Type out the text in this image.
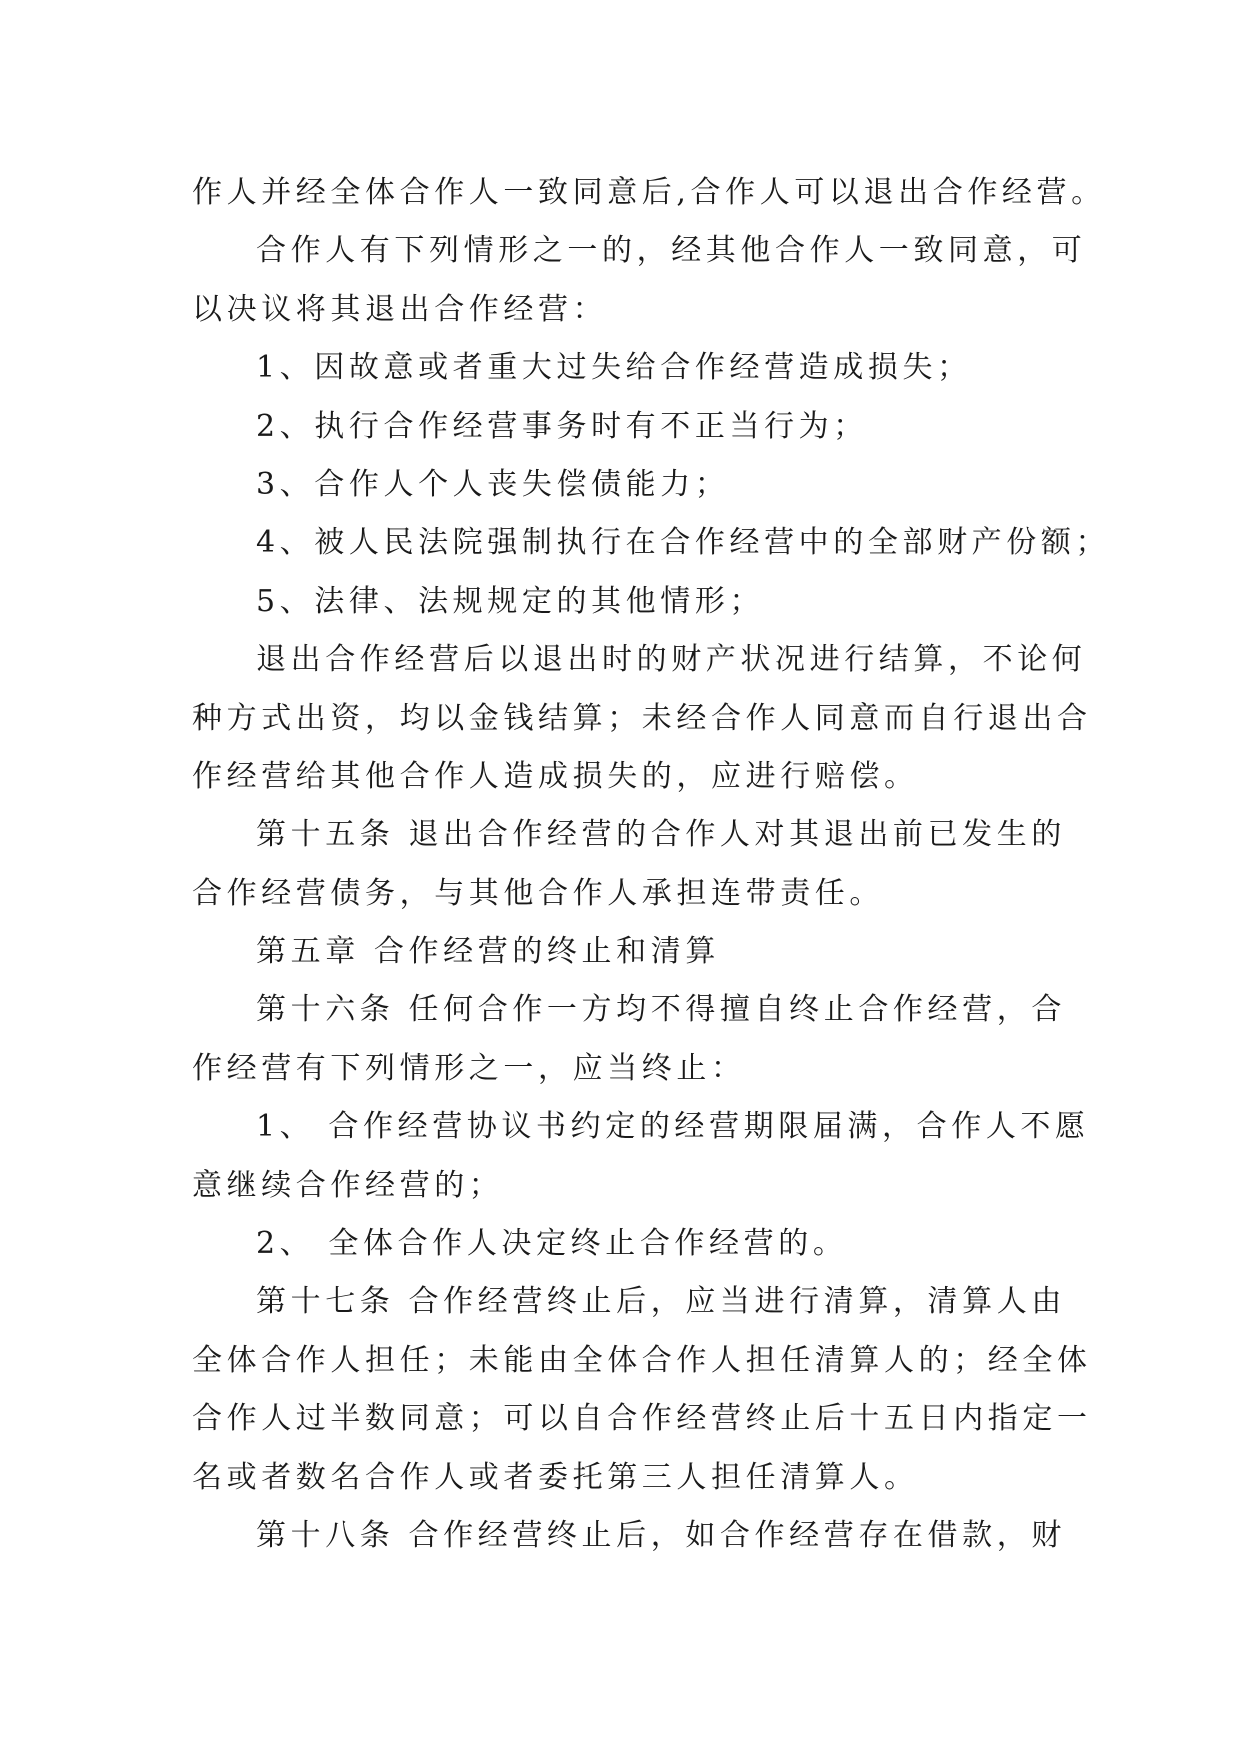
作人并经全体合作人一致同意后,合作人可以退出合作经营。

合作人有下列情形之一的，经其他合作人一致同意，可

以决议将其退出合作经营：

1、因故意或者重大过失给合作经营造成损失；

2、执行合作经营事务时有不正当行为；

3、合作人个人丧失偿债能力；

4、被人民法院强制执行在合作经营中的全部财产份额；

5、法律、法规规定的其他情形；

退出合作经营后以退出时的财产状况进行结算，不论何

种方式出资，均以金钱结算；未经合作人同意而自行退出合

作经营给其他合作人造成损失的，应进行赔偿。

第十五条 退出合作经营的合作人对其退出前已发生的

合作经营债务，与其他合作人承担连带责任。

第五章 合作经营的终止和清算

第十六条 任何合作一方均不得擅自终止合作经营，合

作经营有下列情形之一，应当终止：

1、 合作经营协议书约定的经营期限届满，合作人不愿

意继续合作经营的；

2、 全体合作人决定终止合作经营的。

第十七条 合作经营终止后，应当进行清算，清算人由

全体合作人担任；未能由全体合作人担任清算人的；经全体

合作人过半数同意；可以自合作经营终止后十五日内指定一

名或者数名合作人或者委托第三人担任清算人。

第十八条 合作经营终止后，如合作经营存在借款，财
